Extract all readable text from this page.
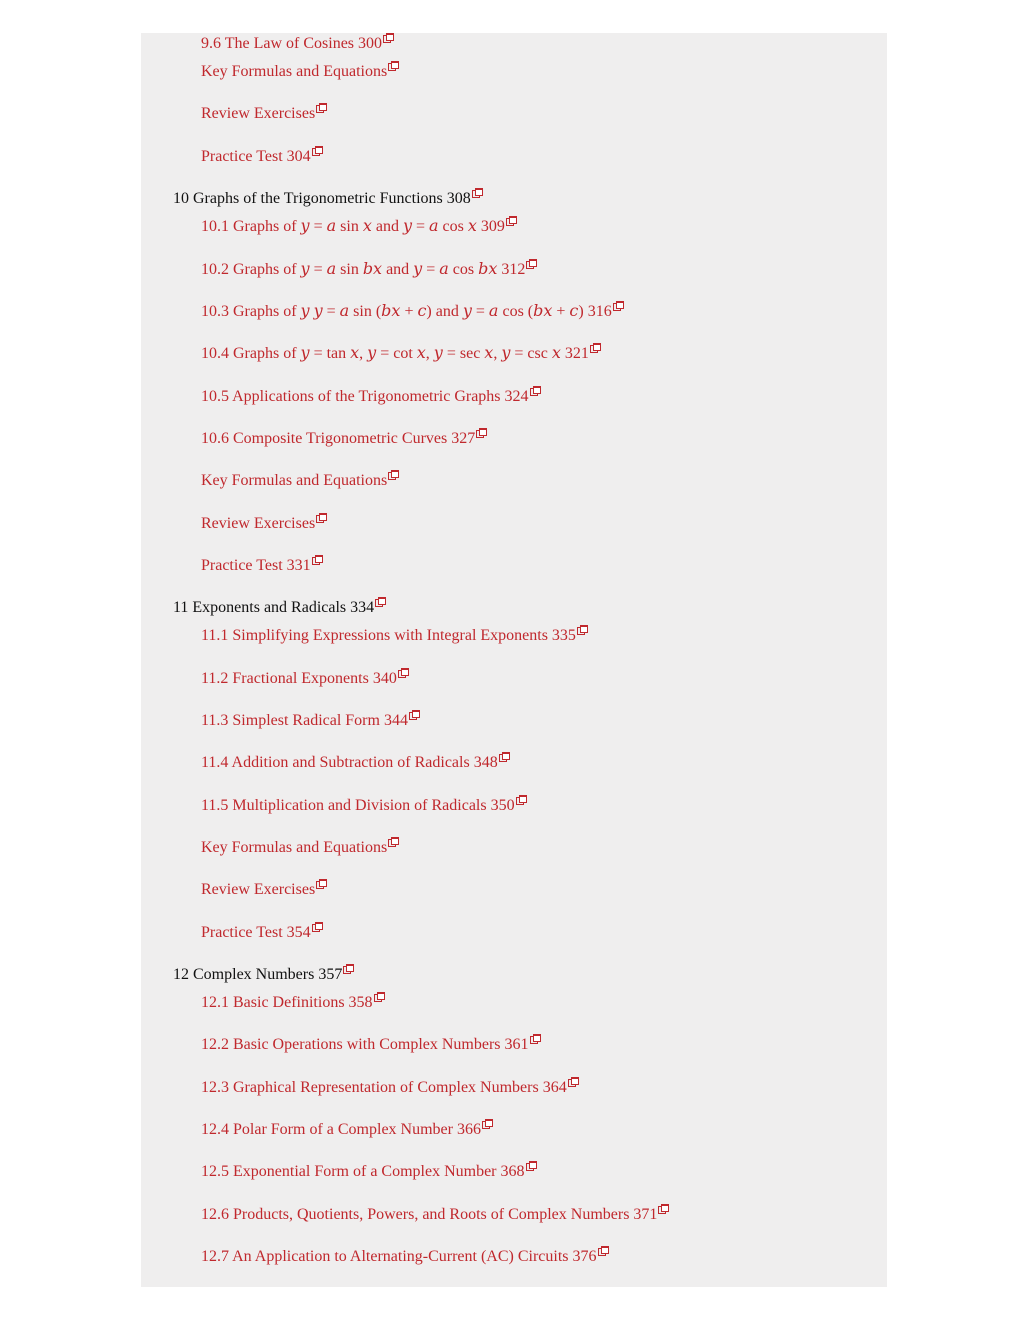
9.6 The Law of Cosines 300
Key Formulas and Equations
Review Exercises
Practice Test 304
10 Graphs of the Trigonometric Functions 308
10.1 Graphs of 𝑦 = 𝑎 sin 𝑥 and 𝑦 = 𝑎 cos 𝑥 309
10.2 Graphs of 𝑦 = 𝑎 sin 𝑏𝑥 and 𝑦 = 𝑎 cos 𝑏𝑥 312
10.3 Graphs of 𝑦 𝑦 = 𝑎 sin (𝑏𝑥 + 𝑐) and 𝑦 = 𝑎 cos (𝑏𝑥 + 𝑐) 316
10.4 Graphs of 𝑦 = tan 𝑥, 𝑦 = cot 𝑥, 𝑦 = sec 𝑥, 𝑦 = csc 𝑥 321
10.5 Applications of the Trigonometric Graphs 324
10.6 Composite Trigonometric Curves 327
Key Formulas and Equations
Review Exercises
Practice Test 331
11 Exponents and Radicals 334
11.1 Simplifying Expressions with Integral Exponents 335
11.2 Fractional Exponents 340
11.3 Simplest Radical Form 344
11.4 Addition and Subtraction of Radicals 348
11.5 Multiplication and Division of Radicals 350
Key Formulas and Equations
Review Exercises
Practice Test 354
12 Complex Numbers 357
12.1 Basic Definitions 358
12.2 Basic Operations with Complex Numbers 361
12.3 Graphical Representation of Complex Numbers 364
12.4 Polar Form of a Complex Number 366
12.5 Exponential Form of a Complex Number 368
12.6 Products, Quotients, Powers, and Roots of Complex Numbers 371
12.7 An Application to Alternating-Current (AC) Circuits 376
